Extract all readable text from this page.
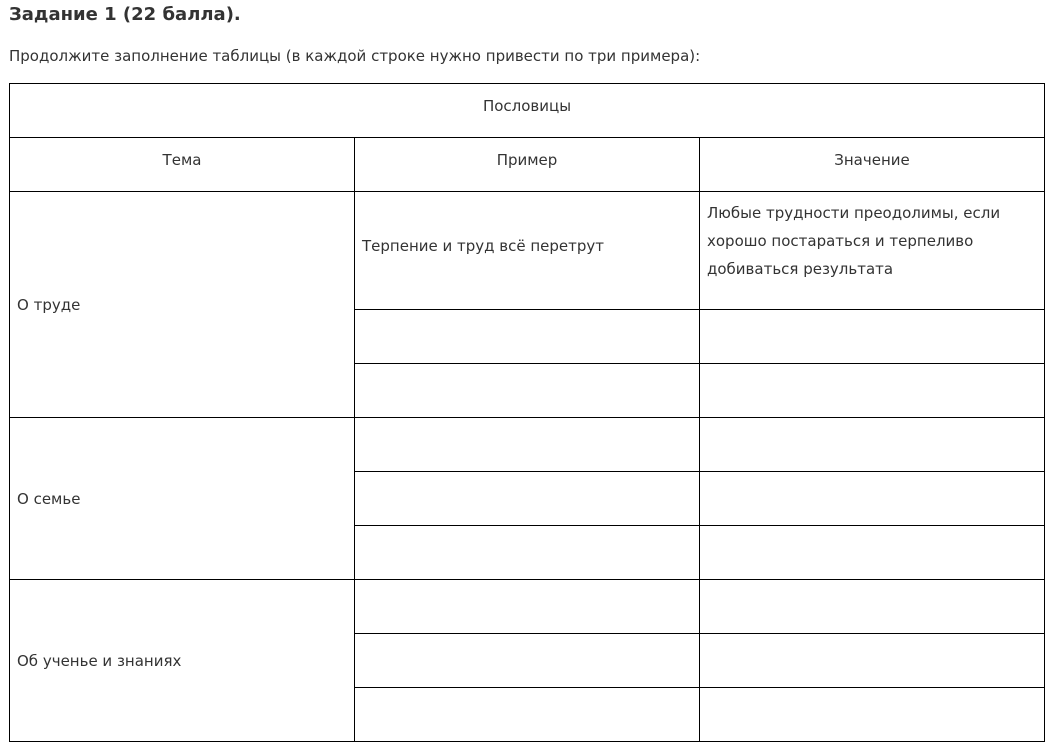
Задание 1 (22 балла).

Продолжите заполнение таблицы (в каждой строке нужно привести по три примера):

Пословицы		

Тема	Пример	Значение

О труде	Терпение и труд всё перетрут	Любые трудности преодолимы, если хорошо постараться и терпеливо добиваться результата

О семье		

Об ученье и знаниях		
